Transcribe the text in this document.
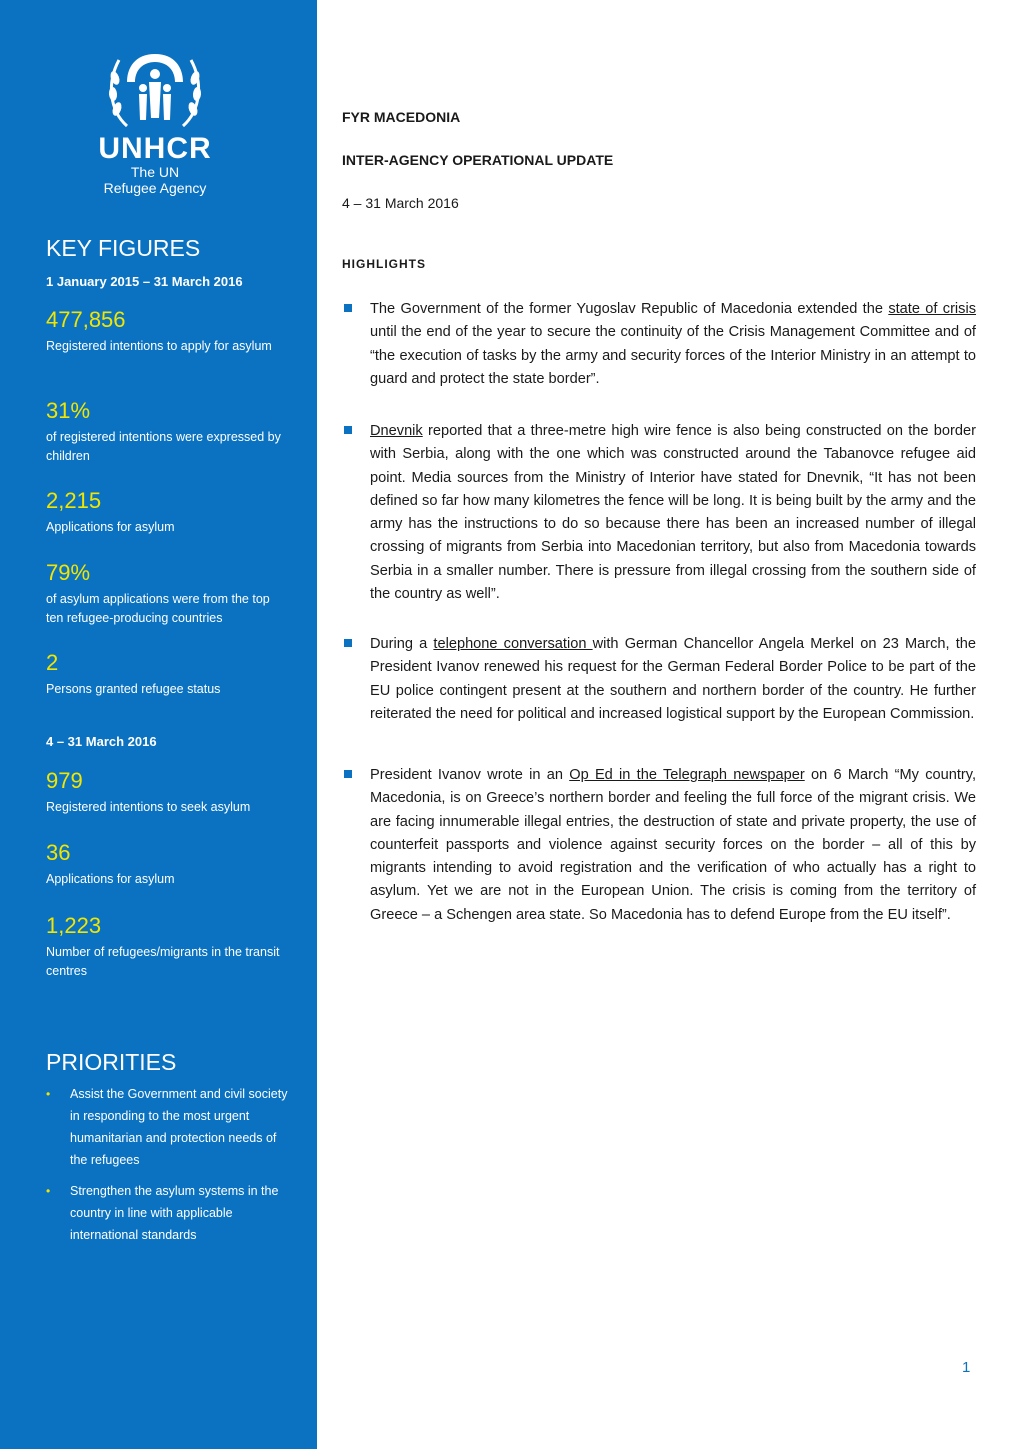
UNHCR
The UN
Refugee Agency
KEY FIGURES
1 January 2015 – 31 March 2016
477,856
Registered intentions to apply for asylum
31%
of registered intentions were expressed by children
2,215
Applications for asylum
79%
of asylum applications were from the top ten refugee-producing countries
2
Persons granted refugee status
4 – 31 March 2016
979
Registered intentions to seek asylum
36
Applications for asylum
1,223
Number of refugees/migrants in the transit centres
PRIORITIES
• Assist the Government and civil society in responding to the most urgent humanitarian and protection needs of the refugees
• Strengthen the asylum systems in the country in line with applicable international standards
FYR MACEDONIA
INTER-AGENCY OPERATIONAL UPDATE
4 – 31 March 2016
HIGHLIGHTS

The Government of the former Yugoslav Republic of Macedonia extended the state of crisis until the end of the year to secure the continuity of the Crisis Management Committee and of “the execution of tasks by the army and security forces of the Interior Ministry in an attempt to guard and protect the state border”.

Dnevnik reported that a three-metre high wire fence is also being constructed on the border with Serbia, along with the one which was constructed around the Tabanovce refugee aid point. Media sources from the Ministry of Interior have stated for Dnevnik, “It has not been defined so far how many kilometres the fence will be long. It is being built by the army and the army has the instructions to do so because there has been an increased number of illegal crossing of migrants from Serbia into Macedonian territory, but also from Macedonia towards Serbia in a smaller number. There is pressure from illegal crossing from the southern side of the country as well”.

During a telephone conversation with German Chancellor Angela Merkel on 23 March, the President Ivanov renewed his request for the German Federal Border Police to be part of the EU police contingent present at the southern and northern border of the country. He further reiterated the need for political and increased logistical support by the European Commission.

President Ivanov wrote in an Op Ed in the Telegraph newspaper on 6 March “My country, Macedonia, is on Greece’s northern border and feeling the full force of the migrant crisis. We are facing innumerable illegal entries, the destruction of state and private property, the use of counterfeit passports and violence against security forces on the border – all of this by migrants intending to avoid registration and the verification of who actually has a right to asylum. Yet we are not in the European Union. The crisis is coming from the territory of Greece – a Schengen area state. So Macedonia has to defend Europe from the EU itself”.

1
